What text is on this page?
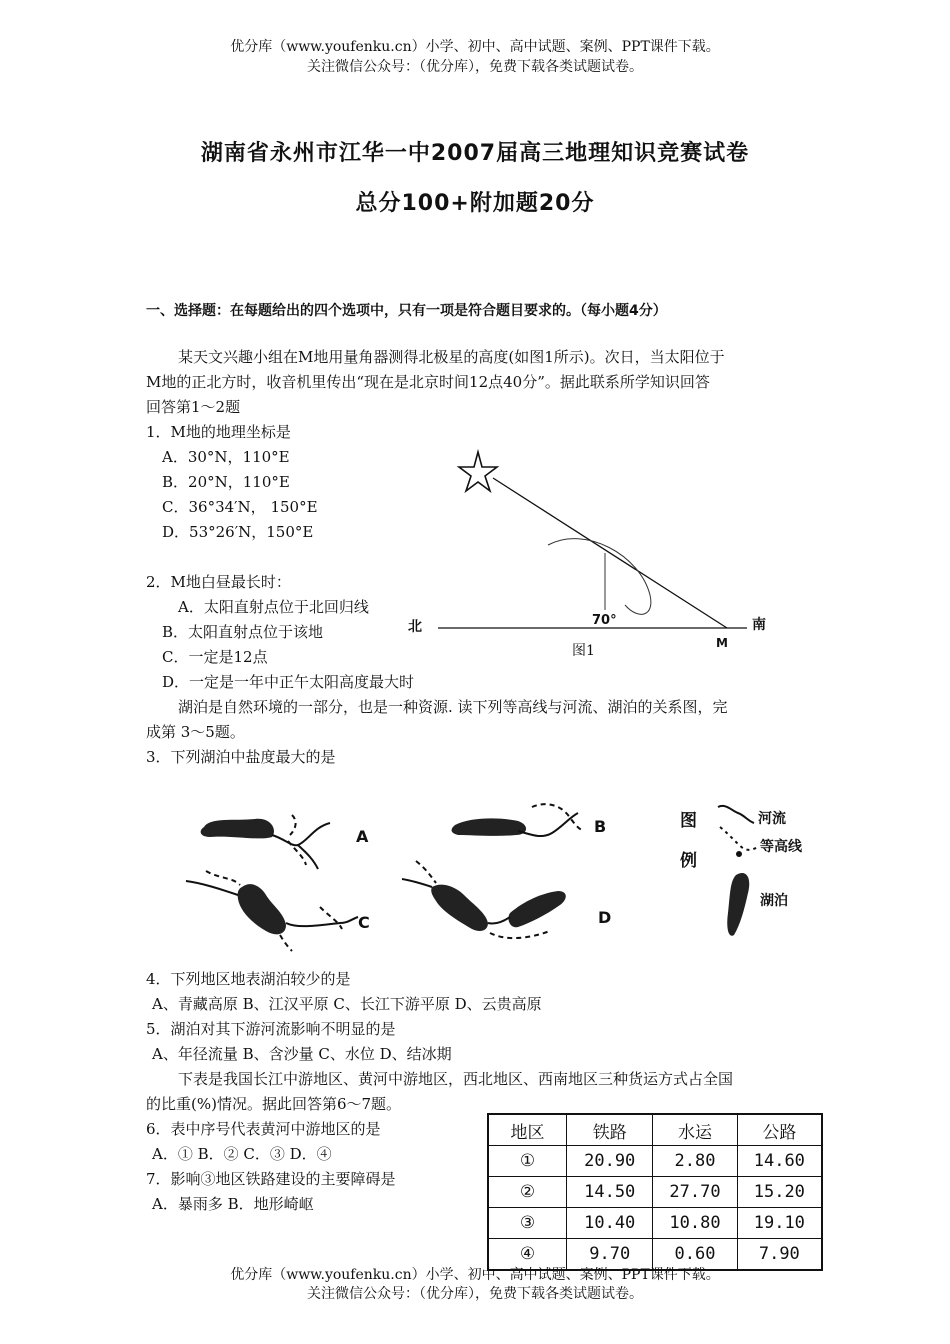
优分库（www.youfenku.cn）小学、初中、高中试题、案例、PPT课件下载。
关注微信公众号：（优分库），免费下载各类试题试卷。
湖南省永州市江华一中2007届高三地理知识竞赛试卷
总分100+附加题20分
一、选择题：在每题给出的四个选项中，只有一项是符合题目要求的。（每小题4分）
某天文兴趣小组在M地用量角器测得北极星的高度(如图1所示)。次日，当太阳位于
M地的正北方时，收音机里传出“现在是北京时间12点40分”。据此联系所学知识回答
回答第1～2题
1．M地的地理坐标是
A．30°N，110°E
B．20°N，110°E
C．36°34′N， 150°E
D．53°26′N，150°E
2．M地白昼最长时：
A．太阳直射点位于北回归线
B．太阳直射点位于该地
C．一定是12点
D．一定是一年中正午太阳高度最大时
北	南
70°
M
图1
湖泊是自然环境的一部分，也是一种资源. 读下列等高线与河流、湖泊的关系图，完
成第 3～5题。
3．下列湖泊中盐度最大的是
A
B
C	D
图
例
河流
等高线
湖泊
4．下列地区地表湖泊较少的是
A、青藏高原 B、江汉平原 C、长江下游平原 D、云贵高原
5．湖泊对其下游河流影响不明显的是
A、年径流量 B、含沙量 C、水位 D、结冰期
下表是我国长江中游地区、黄河中游地区，西北地区、西南地区三种货运方式占全国
的比重(%)情况。据此回答第6～7题。
6．表中序号代表黄河中游地区的是
A．① B．② C．③ D．④
7．影响③地区铁路建设的主要障碍是
A．暴雨多 B．地形崎岖
地区	铁路	水运	公路
①	20.90	2.80	14.60
②	14.50	27.70	15.20
③	10.40	10.80	19.10
④	9.70	0.60	7.90
优分库（www.youfenku.cn）小学、初中、高中试题、案例、PPT课件下载。
关注微信公众号：（优分库），免费下载各类试题试卷。
